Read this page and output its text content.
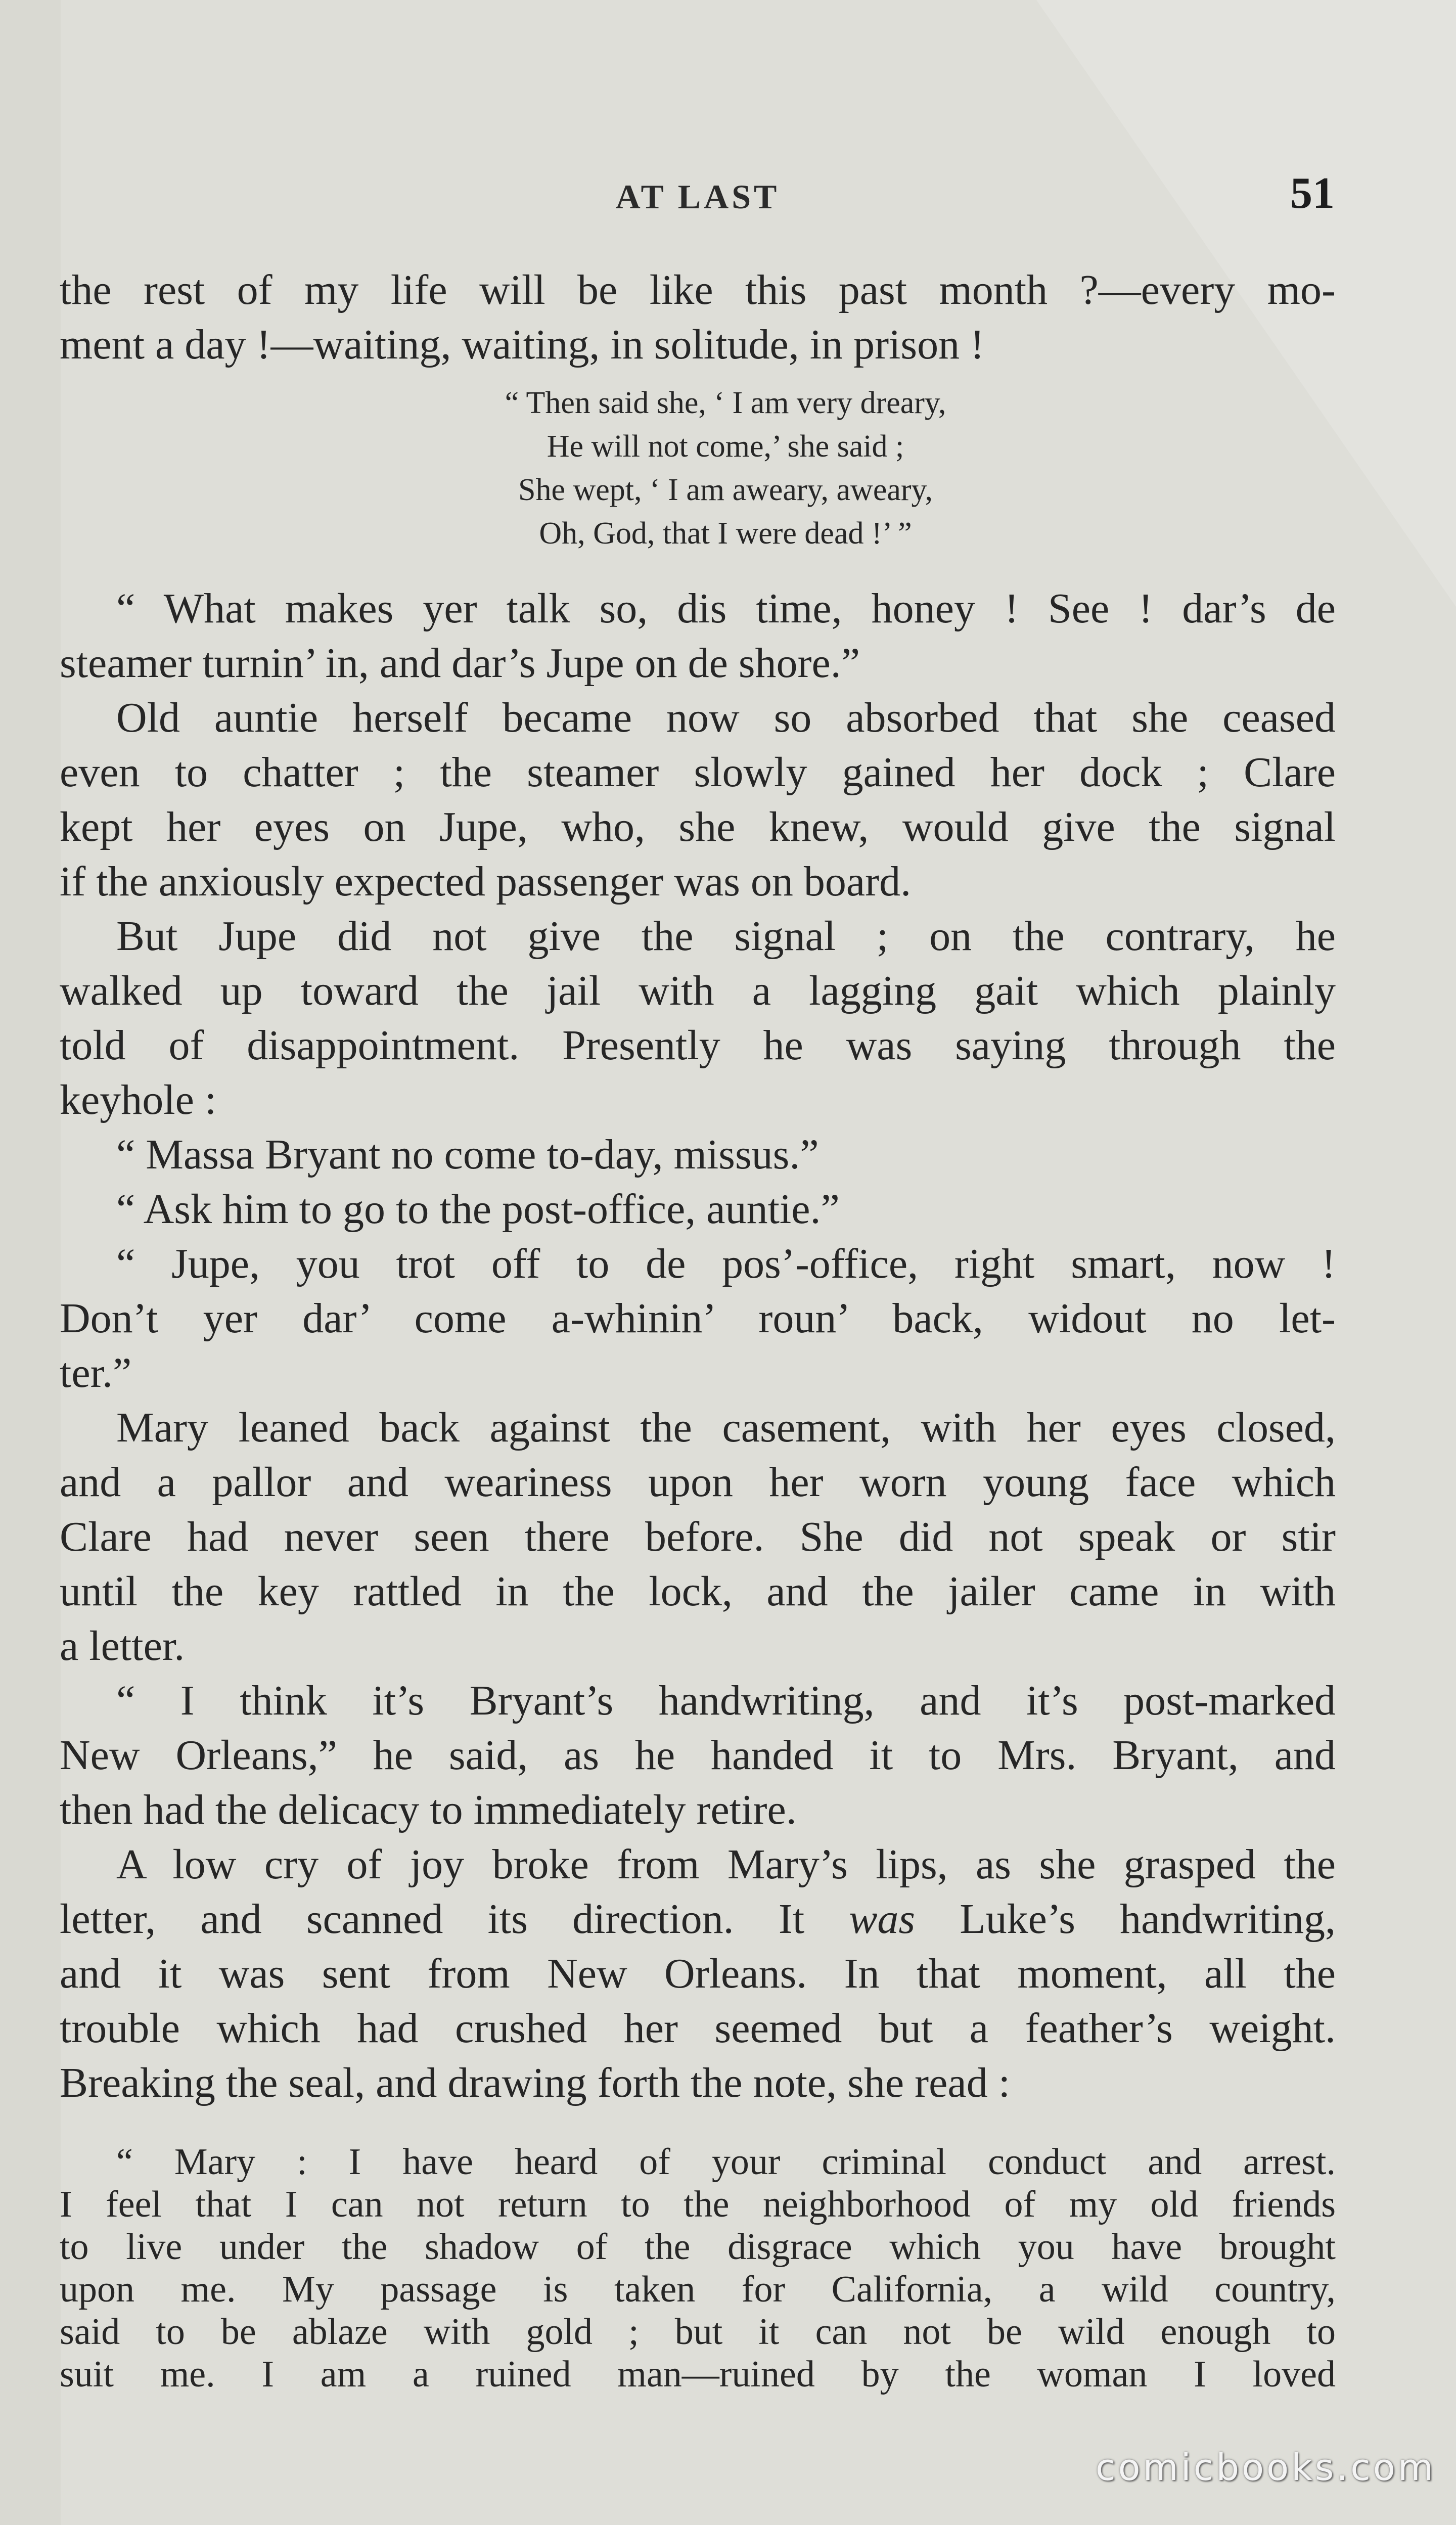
AT LAST	51
the rest of my life will be like this past month ?—every mo-
ment a day !—waiting, waiting, in solitude, in prison !
“ Then said she, ‘ I am very dreary,
He will not come,’ she said ;
She wept, ‘ I am aweary, aweary,
Oh, God, that I were dead !’ ”
“ What makes yer talk so, dis time, honey ! See ! dar’s de
steamer turnin’ in, and dar’s Jupe on de shore.”
Old auntie herself became now so absorbed that she ceased
even to chatter ; the steamer slowly gained her dock ; Clare
kept her eyes on Jupe, who, she knew, would give the signal
if the anxiously expected passenger was on board.
But Jupe did not give the signal ; on the contrary, he
walked up toward the jail with a lagging gait which plainly
told of disappointment. Presently he was saying through the
keyhole :
“ Massa Bryant no come to-day, missus.”
“ Ask him to go to the post-office, auntie.”
“ Jupe, you trot off to de pos’-office, right smart, now !
Don’t yer dar’ come a-whinin’ roun’ back, widout no let-
ter.”
Mary leaned back against the casement, with her eyes closed,
and a pallor and weariness upon her worn young face which
Clare had never seen there before. She did not speak or stir
until the key rattled in the lock, and the jailer came in with
a letter.
“ I think it’s Bryant’s handwriting, and it’s post-marked
New Orleans,” he said, as he handed it to Mrs. Bryant, and
then had the delicacy to immediately retire.
A low cry of joy broke from Mary’s lips, as she grasped the
letter, and scanned its direction. It was Luke’s handwriting,
and it was sent from New Orleans. In that moment, all the
trouble which had crushed her seemed but a feather’s weight.
Breaking the seal, and drawing forth the note, she read :
“ Mary : I have heard of your criminal conduct and arrest.
I feel that I can not return to the neighborhood of my old friends
to live under the shadow of the disgrace which you have brought
upon me. My passage is taken for California, a wild country,
said to be ablaze with gold ; but it can not be wild enough to
suit me. I am a ruined man—ruined by the woman I loved
comicbooks.com
